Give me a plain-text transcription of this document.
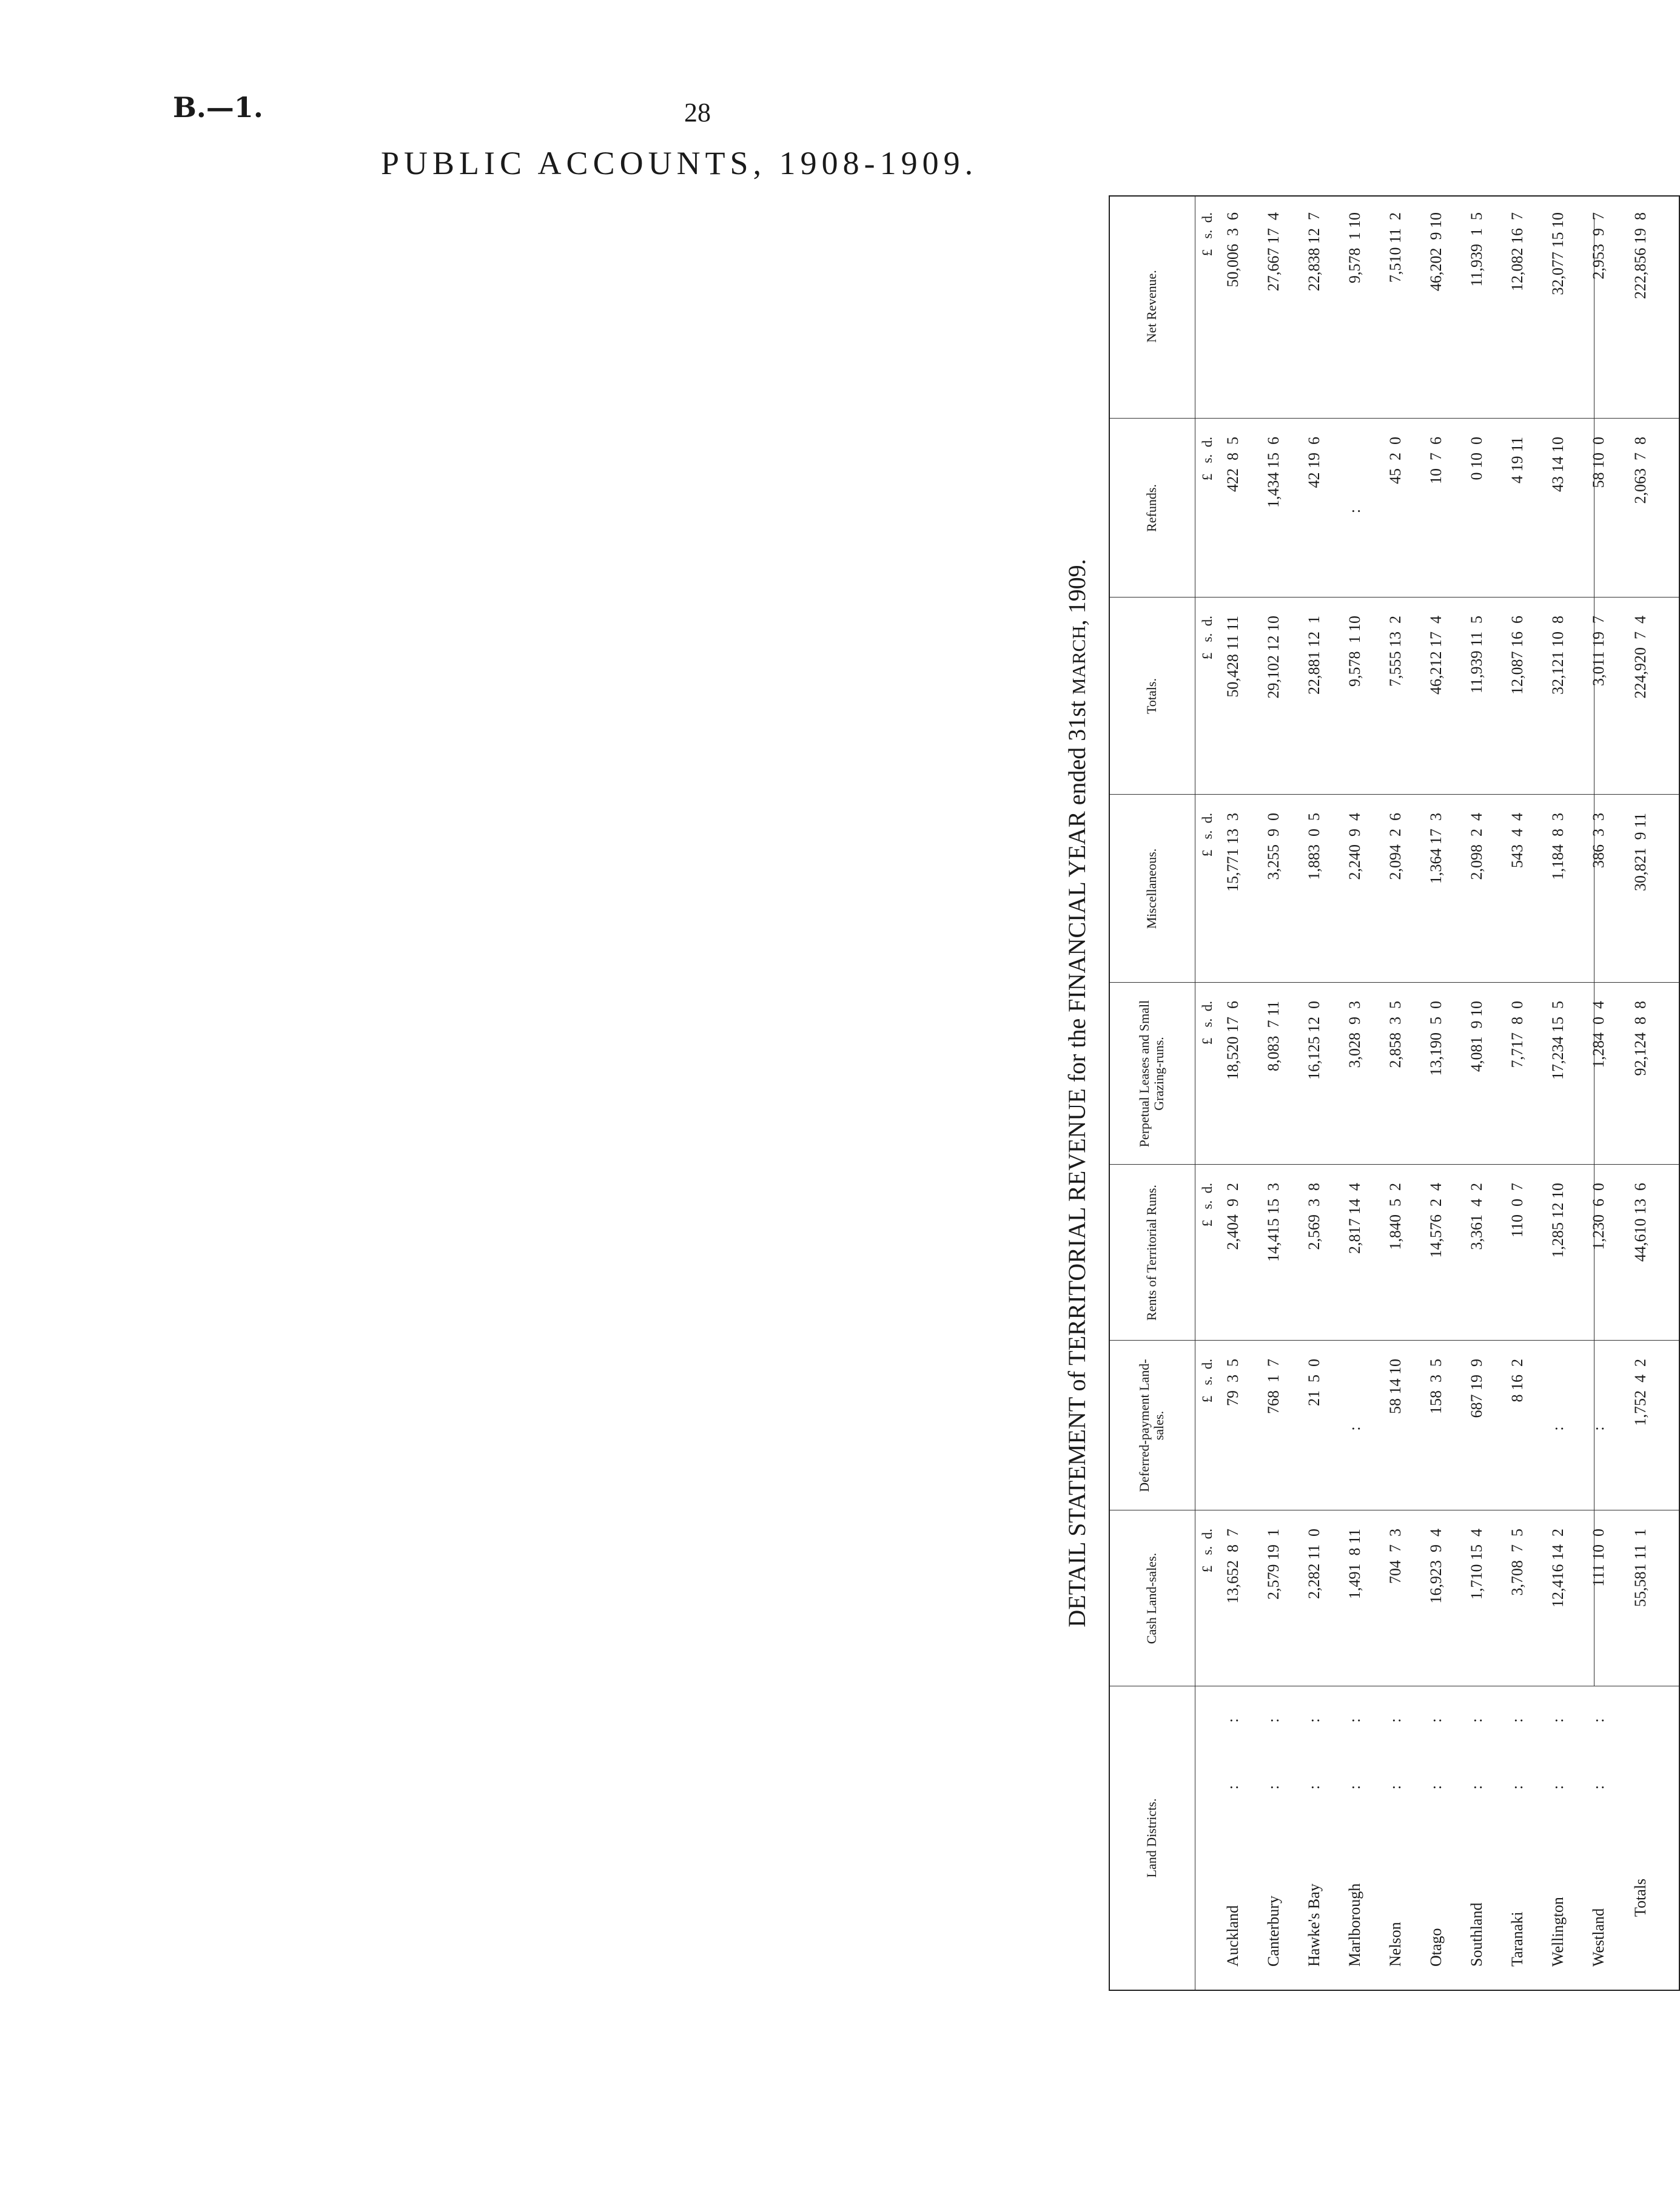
B.—1.	28
PUBLIC ACCOUNTS, 1908-1909.
DETAIL STATEMENT of TERRITORIAL REVENUE for the FINANCIAL YEAR ended 31st MARCH, 1909.
Land Districts.
Cash Land-sales.
Deferred-payment Land-sales.
Rents of Territorial Runs.
Perpetual Leases and Small Grazing-runs.
Miscellaneous.
Totals.
Refunds.
Net Revenue.
£   s.  d.
£   s.  d.
£   s.  d.
£   s.  d.
£   s.  d.
£   s.  d.
£   s.  d.
£   s.  d.
Auckland
:  :
13,652  8  7
79  3  5
2,404  9  2
18,520 17  6
15,771 13  3
50,428 11 11
422  8  5
50,006  3  6
Canterbury
:  :
2,579 19  1
768  1  7
14,415 15  3
8,083  7 11
3,255  9  0
29,102 12 10
1,434 15  6
27,667 17  4
Hawke's Bay
:  :
2,282 11  0
21  5  0
2,569  3  8
16,125 12  0
1,883  0  5
22,881 12  1
42 19  6
22,838 12  7
Marlborough
:  :
1,491  8 11
:
2,817 14  4
3,028  9  3
2,240  9  4
9,578  1 10
:
9,578  1 10
Nelson
:  :
704  7  3
58 14 10
1,840  5  2
2,858  3  5
2,094  2  6
7,555 13  2
45  2  0
7,510 11  2
Otago
:  :
16,923  9  4
158  3  5
14,576  2  4
13,190  5  0
1,364 17  3
46,212 17  4
10  7  6
46,202  9 10
Southland
:  :
1,710 15  4
687 19  9
3,361  4  2
4,081  9 10
2,098  2  4
11,939 11  5
0 10  0
11,939  1  5
Taranaki
:  :
3,708  7  5
8 16  2
110  0  7
7,717  8  0
543  4  4
12,087 16  6
4 19 11
12,082 16  7
Wellington
:  :
12,416 14  2
:
1,285 12 10
17,234 15  5
1,184  8  3
32,121 10  8
43 14 10
32,077 15 10
Westland
:  :
111 10  0
:
1,230  6  0
1,284  0  4
386  3  3
3,011 19  7
58 10  0
2,953  9  7
Totals
55,581 11  1
1,752  4  2
44,610 13  6
92,124  8  8
30,821  9 11
224,920  7  4
2,063  7  8
222,856 19  8
